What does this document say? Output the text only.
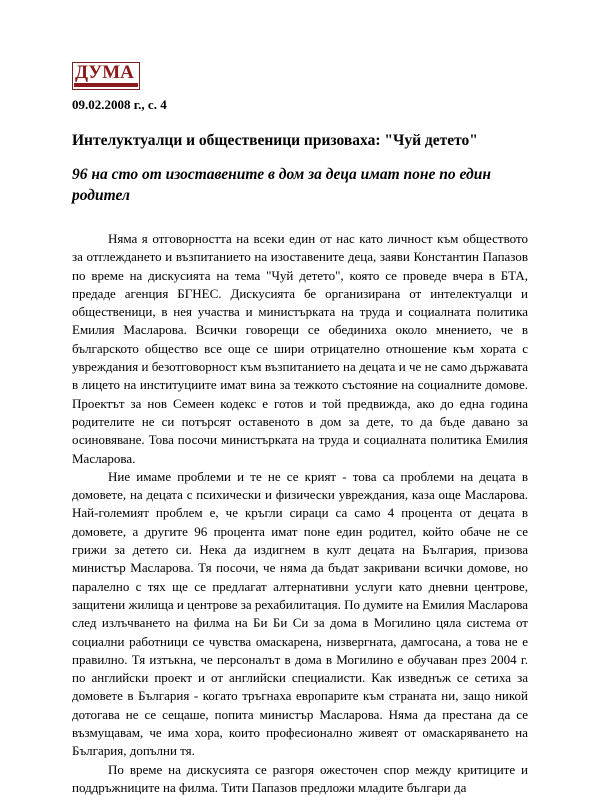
ДУМА
09.02.2008 г., с. 4
Интелуктуалци и общественици призоваха: "Чуй детето"
96 на сто от изоставените в дом за деца имат поне по един родител

Няма я отговорността на всеки един от нас като личност към обществото за отглеждането и възпитанието на изоставените деца, заяви Константин Папазов по време на дискусията на тема "Чуй детето", която се проведе вчера в БТА, предаде агенция БГНЕС. Дискусията бе организирана от интелектуалци и общественици, в нея участва и министърката на труда и социалната политика Емилия Масларова. Всички говорещи се обединиха около мнението, че в българското общество все още се шири отрицателно отношение към хората с увреждания и безотговорност към възпитанието на децата и че не само държавата в лицето на институциите имат вина за тежкото състояние на социалните домове. Проектът за нов Семеен кодекс е готов и той предвижда, ако до една година родителите не си потърсят оставеното в дом за дете, то да бъде давано за осиновяване. Това посочи министърката на труда и социалната политика Емилия Масларова.

Ние имаме проблеми и те не се крият - това са проблеми на децата в домовете, на децата с психически и физически увреждания, каза още Масларова. Най-големият проблем е, че кръгли сираци са само 4 процента от децата в домовете, а другите 96 процента имат поне един родител, който обаче не се грижи за детето си. Нека да издигнем в култ децата на България, призова министър Масларова. Тя посочи, че няма да бъдат закривани всички домове, но паралелно с тях ще се предлагат алтернативни услуги като дневни центрове, защитени жилища и центрове за рехабилитация. По думите на Емилия Масларова след излъчването на филма на Би Би Си за дома в Могилино цяла система от социални работници се чувства омаскарена, низвергната, дамгосана, а това не е правилно. Тя изтъкна, че персоналът в дома в Могилино е обучаван през 2004 г. по английски проект и от английски специалисти. Как изведнъж се сетиха за домовете в България - когато тръгнаха европарите към страната ни, защо никой дотогава не се сещаше, попита министър Масларова. Няма да престана да се възмущавам, че има хора, които професионално живеят от омаскаряването на България, допълни тя.

По време на дискусията се разгоря ожесточен спор между критиците и поддръжниците на филма. Тити Папазов предложи младите българи да
